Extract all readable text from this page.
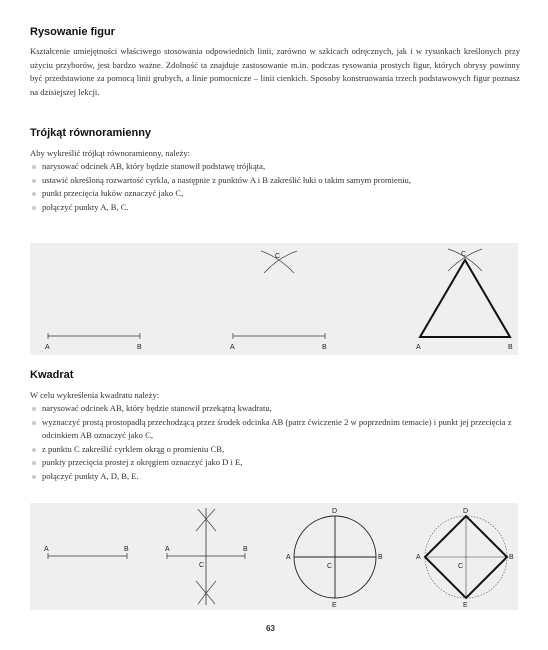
Rysowanie figur

Kształcenie umiejętności właściwego stosowania odpowiednich linii, zarówno w szkicach odręcznych, jak i w rysunkach kreślonych przy użyciu przyborów, jest bardzo ważne. Zdolność ta znajduje zastosowanie m.in. podczas rysowania prostych figur, których obrysy powinny być przedstawione za pomocą linii grubych, a linie pomocnicze – linii cienkich. Sposoby konstruowania trzech podstawowych figur poznasz na dzisiejszej lekcji.

Trójkąt równoramienny

Aby wykreślić trójkąt równoramienny, należy:

narysować odcinek AB, który będzie stanowił podstawę trójkąta,
ustawić określoną rozwartość cyrkla, a następnie z punktów A i B zakreślić łuki o takim samym promieniu,
punkt przecięcia łuków oznaczyć jako C,
połączyć punkty A, B, C.
A	B
C
A	B
C
A	B
Kwadrat

W celu wykreślenia kwadratu należy:

narysować odcinek AB, który będzie stanowił przekątną kwadratu,
wyznaczyć prostą prostopadłą przechodzącą przez środek odcinka AB (patrz ćwiczenie 2 w poprzednim temacie) i punkt jej przecięcia z odcinkiem AB oznaczyć jako C,
z punktu C zakreślić cyrklem okrąg o promieniu CB,
punkty przecięcia prostej z okręgiem oznaczyć jako D i E,
połączyć punkty A, D, B, E.
A	B	A	B
C
D
E
A	B
C
D
E
A	B
C
63
